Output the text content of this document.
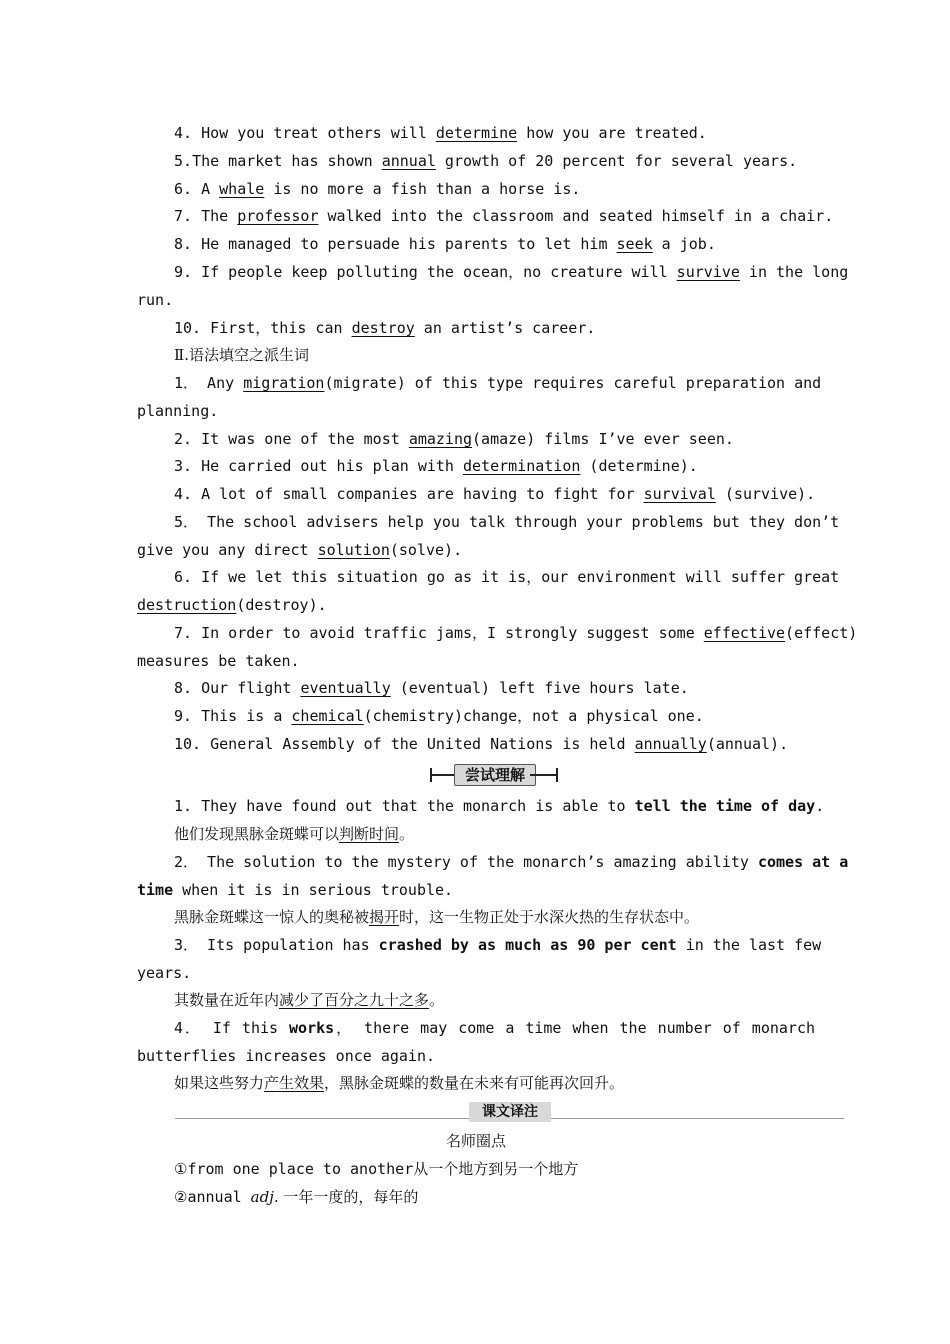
4. How you treat others will determine how you are treated.
5.The market has shown annual growth of 20 percent for several years.
6. A whale is no more a fish than a horse is.
7. The professor walked into the classroom and seated himself in a chair.
8. He managed to persuade his parents to let him seek a job.
9. If people keep polluting the ocean，no creature will survive in the long
run.
10. First，this can destroy an artist’s career.
Ⅱ.语法填空之派生词
1． Any migration(migrate) of this type requires careful preparation and
planning.
2. It was one of the most amazing(amaze) films I’ve ever seen.
3. He carried out his plan with determination (determine).
4. A lot of small companies are having to fight for survival (survive).
5． The school advisers help you talk through your problems but they don’t
give you any direct solution(solve).
6. If we let this situation go as it is，our environment will suffer great
destruction(destroy).
7. In order to avoid traffic jams，I strongly suggest some effective(effect)
measures be taken.
8. Our flight eventually (eventual) left five hours late.
9. This is a chemical(chemistry)change，not a physical one.
10. General Assembly of the United Nations is held annually(annual).
尝试理解
1. They have found out that the monarch is able to tell the time of day.
他们发现黑脉金斑蝶可以判断时间。
2． The solution to the mystery of the monarch’s amazing ability comes at a
time when it is in serious trouble.
黑脉金斑蝶这一惊人的奥秘被揭开时，这一生物正处于水深火热的生存状态中。
3． Its population has crashed by as much as 90 per cent in the last few
years.
其数量在近年内减少了百分之九十之多。
4． If this works， there may come a time when the number of monarch
butterflies increases once again.
如果这些努力产生效果，黑脉金斑蝶的数量在未来有可能再次回升。
课文译注
名师圈点
①from one place to another从一个地方到另一个地方
②annual adj. 一年一度的，每年的
